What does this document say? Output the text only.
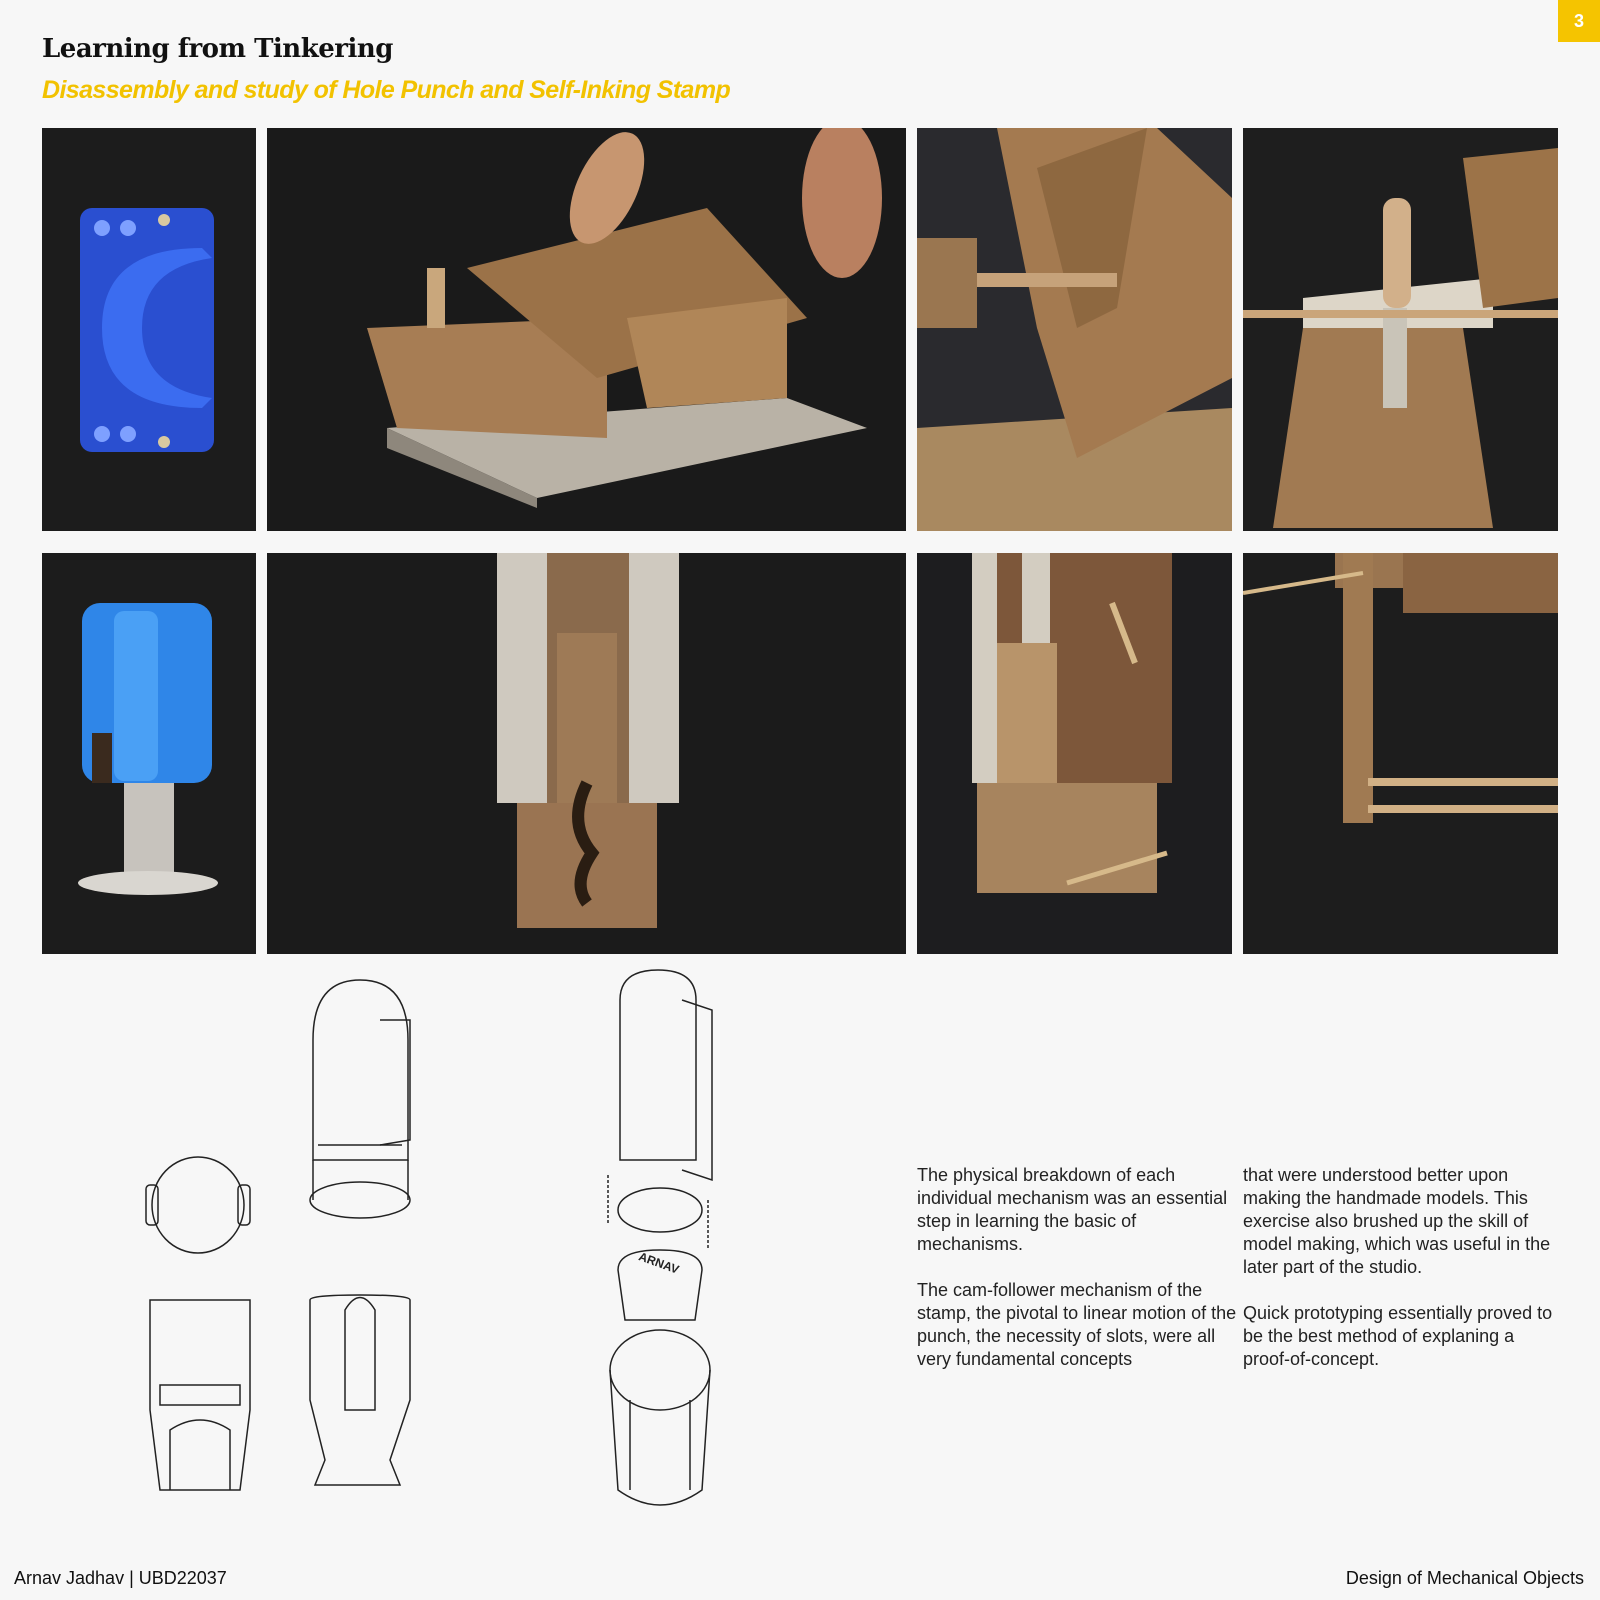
3
Learning from Tinkering
Disassembly and study of Hole Punch and Self-Inking Stamp
ARNAV

The physical breakdown of each individual mechanism was an essential step in learning the basic of mechanisms.

The cam-follower mechanism of the stamp, the pivotal to linear motion of the punch, the necessity of slots, were all very fundamental concepts

that were understood better upon making the handmade models. This exercise also brushed up the skill of model making, which was useful in the later part of the studio.

Quick prototyping essentially proved to be the best method of explaning a proof-of-concept.

Arnav Jadhav | UBD22037	Design of Mechanical Objects
